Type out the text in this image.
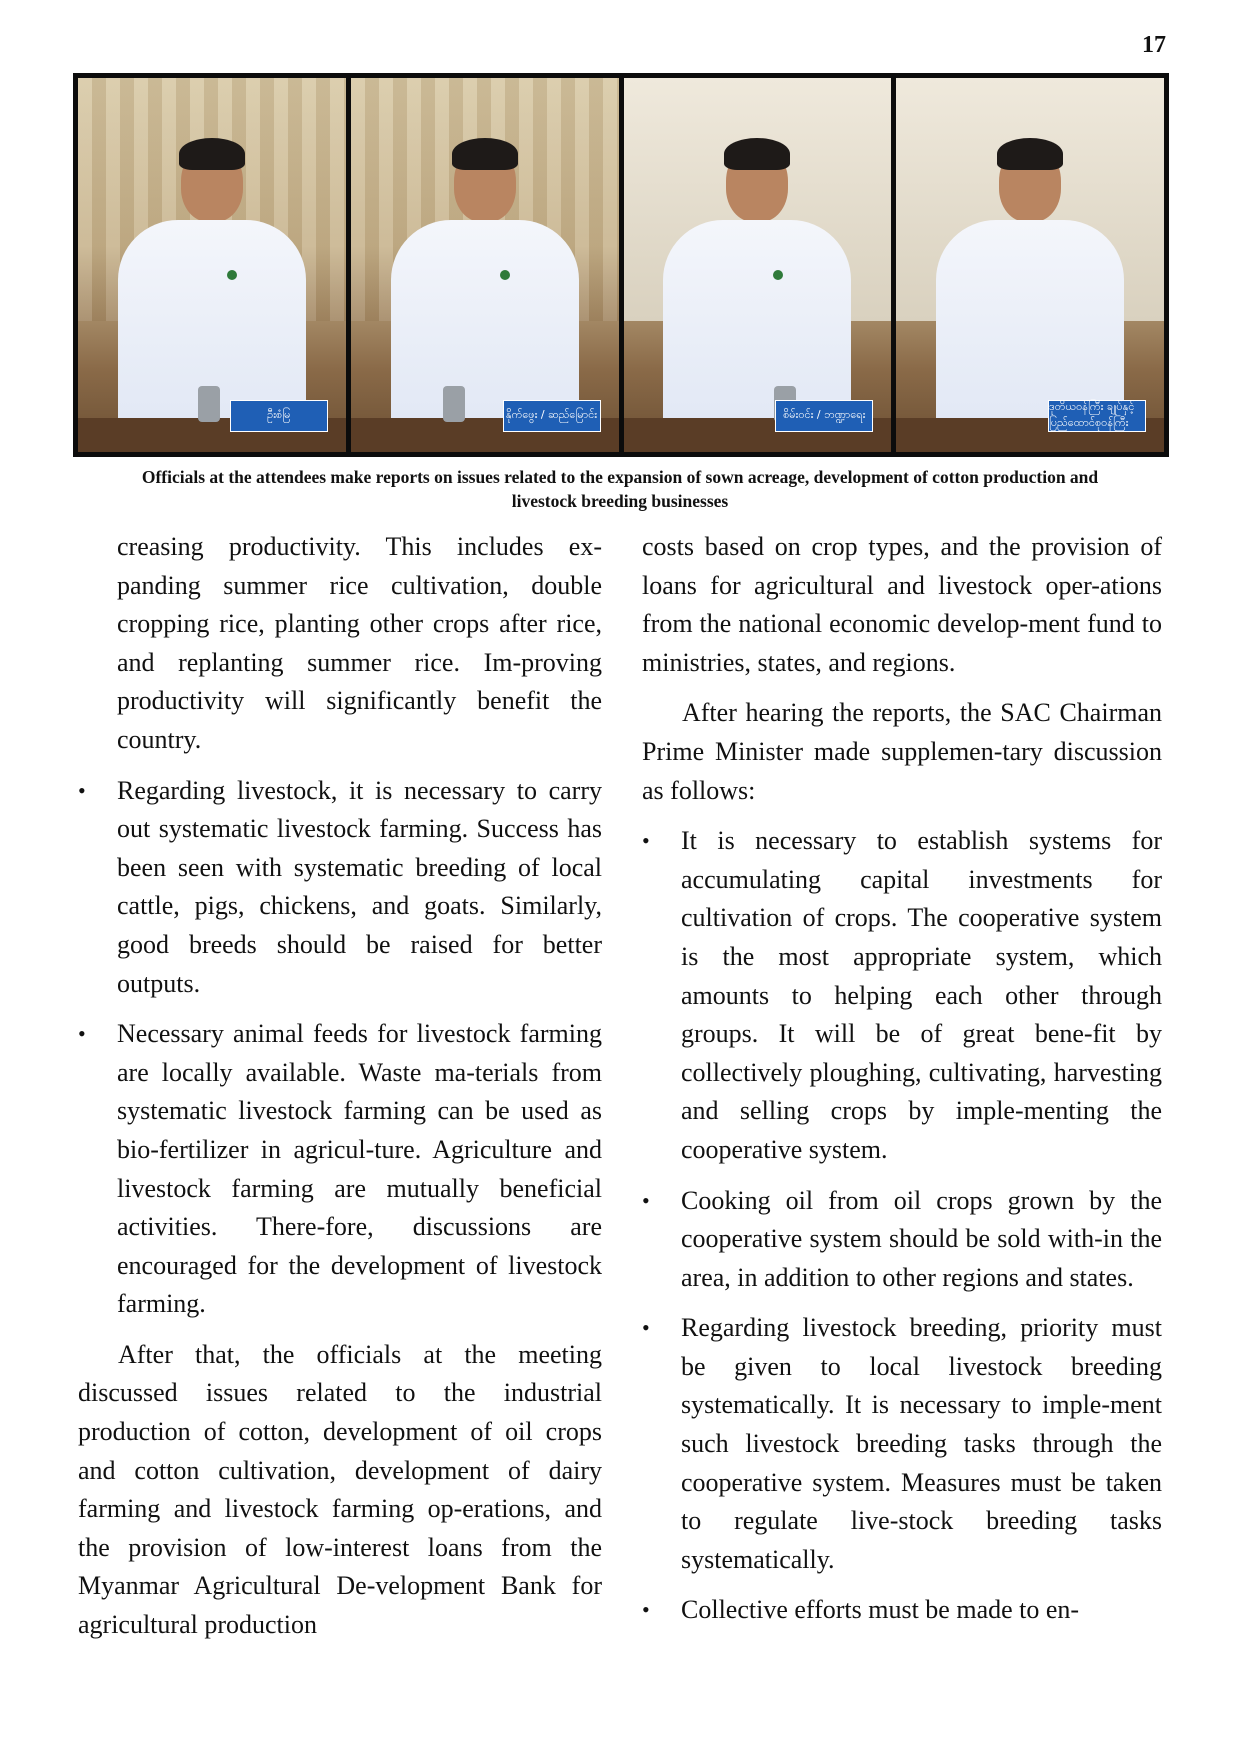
17
ဦးစံမြ	နိုက်ဖွေး / ဆည်မြောင်း	စိမ်းဝင်း / ဘဏ္ဍာရေး
ဒုတိယဝန်ကြီး ချုပ်နှင့် ပြည်ထောင်စုဝန်ကြီး
Officials at the attendees make reports on issues related to the expansion of sown acreage, development of cotton production and livestock breeding businesses

creasing productivity. This includes ex-panding summer rice cultivation, double cropping rice, planting other crops after rice, and replanting summer rice. Im-proving productivity will significantly benefit the country.

• Regarding livestock, it is necessary to carry out systematic livestock farming. Success has been seen with systematic breeding of local cattle, pigs, chickens, and goats. Similarly, good breeds should be raised for better outputs.
• Necessary animal feeds for livestock farming are locally available. Waste ma-terials from systematic livestock farming can be used as bio-fertilizer in agricul-ture. Agriculture and livestock farming are mutually beneficial activities. There-fore, discussions are encouraged for the development of livestock farming.

After that, the officials at the meeting discussed issues related to the industrial production of cotton, development of oil crops and cotton cultivation, development of dairy farming and livestock farming op-erations, and the provision of low-interest loans from the Myanmar Agricultural De-velopment Bank for agricultural production

costs based on crop types, and the provision of loans for agricultural and livestock oper-ations from the national economic develop-ment fund to ministries, states, and regions.

After hearing the reports, the SAC Chairman Prime Minister made supplemen-tary discussion as follows:

• It is necessary to establish systems for accumulating capital investments for cultivation of crops. The cooperative system is the most appropriate system, which amounts to helping each other through groups. It will be of great bene-fit by collectively ploughing, cultivating, harvesting and selling crops by imple-menting the cooperative system.
• Cooking oil from oil crops grown by the cooperative system should be sold with-in the area, in addition to other regions and states.
• Regarding livestock breeding, priority must be given to local livestock breeding systematically. It is necessary to imple-ment such livestock breeding tasks through the cooperative system. Measures must be taken to regulate live-stock breeding tasks systematically.
• Collective efforts must be made to en-
